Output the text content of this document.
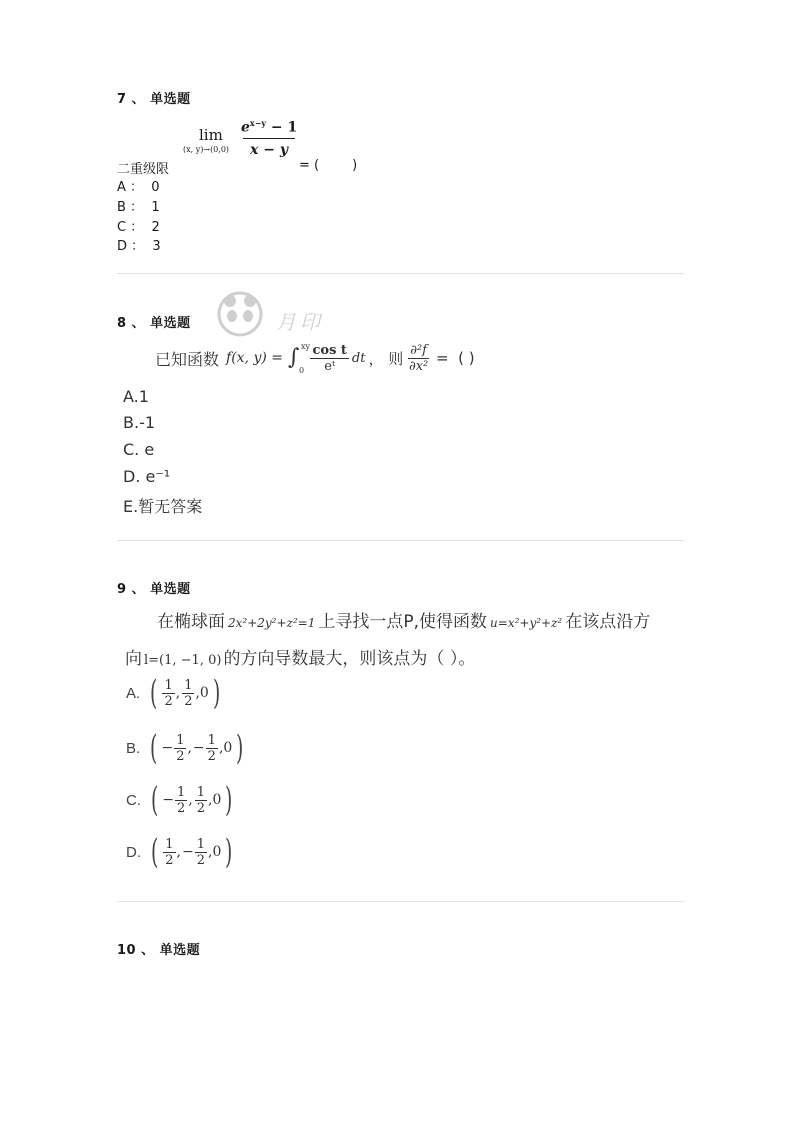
7 、 单选题
lim
(x, y)→(0,0)
$e^{x-y} - 1$
x − y
二重级限	= (        )
A ：  0
B ：  1
C ：  2
D ：  3
月印
8 、 单选题
已知函数 f(x, y) = ∫ xy
$0 \frac{\text{cos t}}{\text{eᵗ}}$ dt ， 则 $\frac{\text{∂²f}}{\text{∂x²}}$ =  ( )
A.1
B.-1
C. e
D. e⁻¹
E.暂无答案
9 、 单选题
在椭球面 2x²+2y²+z²=1 上寻找一点P,使得函数 u=x²+y²+z² 在该点沿方
向 l=(1, −1, 0) 的方向导数最大，则该点为（ ）。
A. ( $\frac{1}{2}$ , $\frac{1}{2} ,0$ )
B. ( − $\frac{1}{2}$ , − $\frac{1}{2} ,0$ )
C. ( − $\frac{1}{2}$ , $\frac{1}{2} ,0$ )
D. ( $\frac{1}{2}$ , − $\frac{1}{2} ,0$ )
10 、 单选题
